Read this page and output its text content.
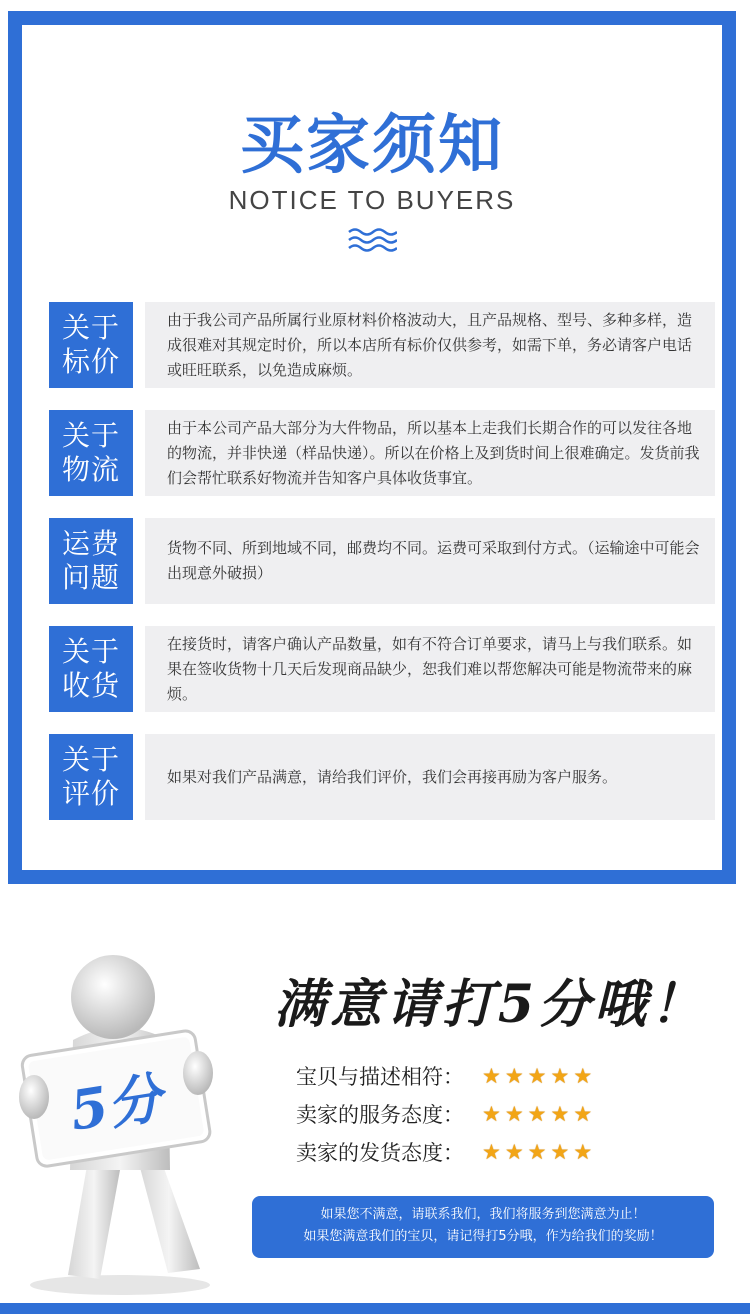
买家须知
NOTICE TO BUYERS
关于
标价
由于我公司产品所属行业原材料价格波动大，且产品规格、型号、多种多样，造成很难对其规定时价，所以本店所有标价仅供参考，如需下单，务必请客户电话或旺旺联系，以免造成麻烦。
关于
物流
由于本公司产品大部分为大件物品，所以基本上走我们长期合作的可以发往各地的物流，并非快递（样品快递）。所以在价格上及到货时间上很难确定。发货前我们会帮忙联系好物流并告知客户具体收货事宜。
运费
问题
货物不同、所到地域不同，邮费均不同。运费可采取到付方式。（运输途中可能会出现意外破损）
关于
收货
在接货时，请客户确认产品数量，如有不符合订单要求，请马上与我们联系。如果在签收货物十几天后发现商品缺少，恕我们难以帮您解决可能是物流带来的麻烦。
关于
评价
如果对我们产品满意，请给我们评价，我们会再接再励为客户服务。
5分
满意请打5分哦！
宝贝与描述相符： ★ ★ ★ ★ ★
卖家的服务态度： ★ ★ ★ ★ ★
卖家的发货态度： ★ ★ ★ ★ ★
如果您不满意，请联系我们，我们将服务到您满意为止！
如果您满意我们的宝贝，请记得打5分哦，作为给我们的奖励！
